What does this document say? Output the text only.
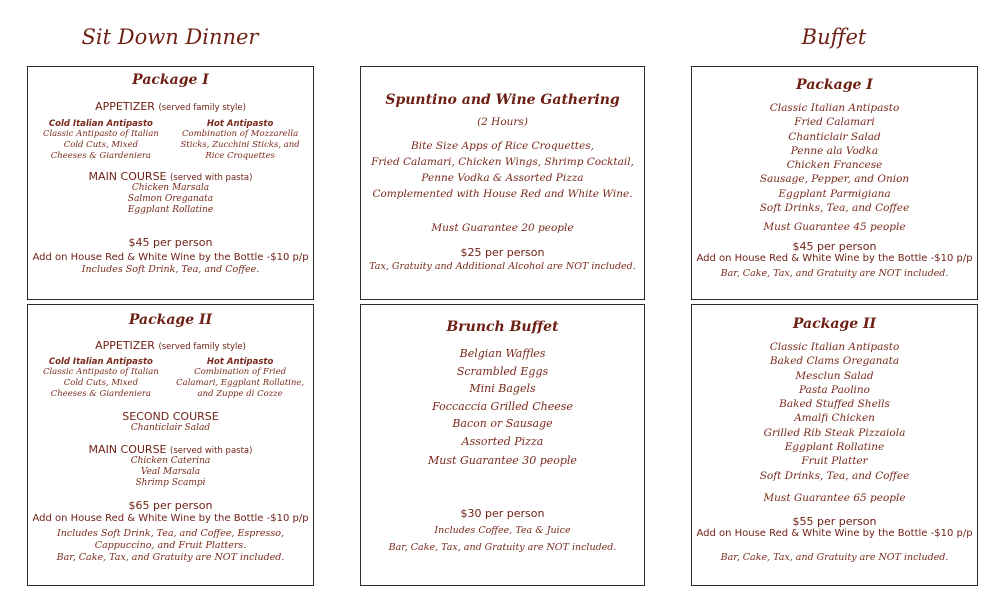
Sit Down Dinner	Buffet
Package I
APPETIZER (served family style)
Cold Italian Antipasto
Classic Antipasto of Italian
Cold Cuts, Mixed
Cheeses & Giardeniera
Hot Antipasto
Combination of Mozzarella
Sticks, Zucchini Sticks, and
Rice Croquettes
MAIN COURSE (served with pasta)
Chicken Marsala
Salmon Oreganata
Eggplant Rollatine
$45 per person
Add on House Red & White Wine by the Bottle -$10 p/p
Includes Soft Drink, Tea, and Coffee.
Package II
APPETIZER (served family style)
Cold Italian Antipasto
Classic Antipasto of Italian
Cold Cuts, Mixed
Cheeses & Giardeniera
Hot Antipasto
Combination of Fried
Calamari, Eggplant Rollatine,
and Zuppe di Cozze
SECOND COURSE
Chanticlair Salad
MAIN COURSE (served with pasta)
Chicken Caterina
Veal Marsala
Shrimp Scampi
$65 per person
Add on House Red & White Wine by the Bottle -$10 p/p
Includes Soft Drink, Tea, and Coffee, Espresso,
Cappuccino, and Fruit Platters.
Bar, Cake, Tax, and Gratuity are NOT included.
Spuntino and Wine Gathering
(2 Hours)
Bite Size Apps of Rice Croquettes,
Fried Calamari, Chicken Wings, Shrimp Cocktail,
Penne Vodka & Assorted Pizza
Complemented with House Red and White Wine.
Must Guarantee 20 people
$25 per person
Tax, Gratuity and Additional Alcohol are NOT included.
Brunch Buffet
Belgian Waffles
Scrambled Eggs
Mini Bagels
Foccaccia Grilled Cheese
Bacon or Sausage
Assorted Pizza
Must Guarantee 30 people
$30 per person
Includes Coffee, Tea & Juice
Bar, Cake, Tax, and Gratuity are NOT included.
Package I
Classic Italian Antipasto
Fried Calamari
Chanticlair Salad
Penne ala Vodka
Chicken Francese
Sausage, Pepper, and Onion
Eggplant Parmigiana
Soft Drinks, Tea, and Coffee
Must Guarantee 45 people
$45 per person
Add on House Red & White Wine by the Bottle -$10 p/p
Bar, Cake, Tax, and Gratuity are NOT included.
Package II
Classic Italian Antipasto
Baked Clams Oreganata
Mesclun Salad
Pasta Paolino
Baked Stuffed Shells
Amalfi Chicken
Grilled Rib Steak Pizzaiola
Eggplant Rollatine
Fruit Platter
Soft Drinks, Tea, and Coffee
Must Guarantee 65 people
$55 per person
Add on House Red & White Wine by the Bottle -$10 p/p
Bar, Cake, Tax, and Gratuity are NOT included.
